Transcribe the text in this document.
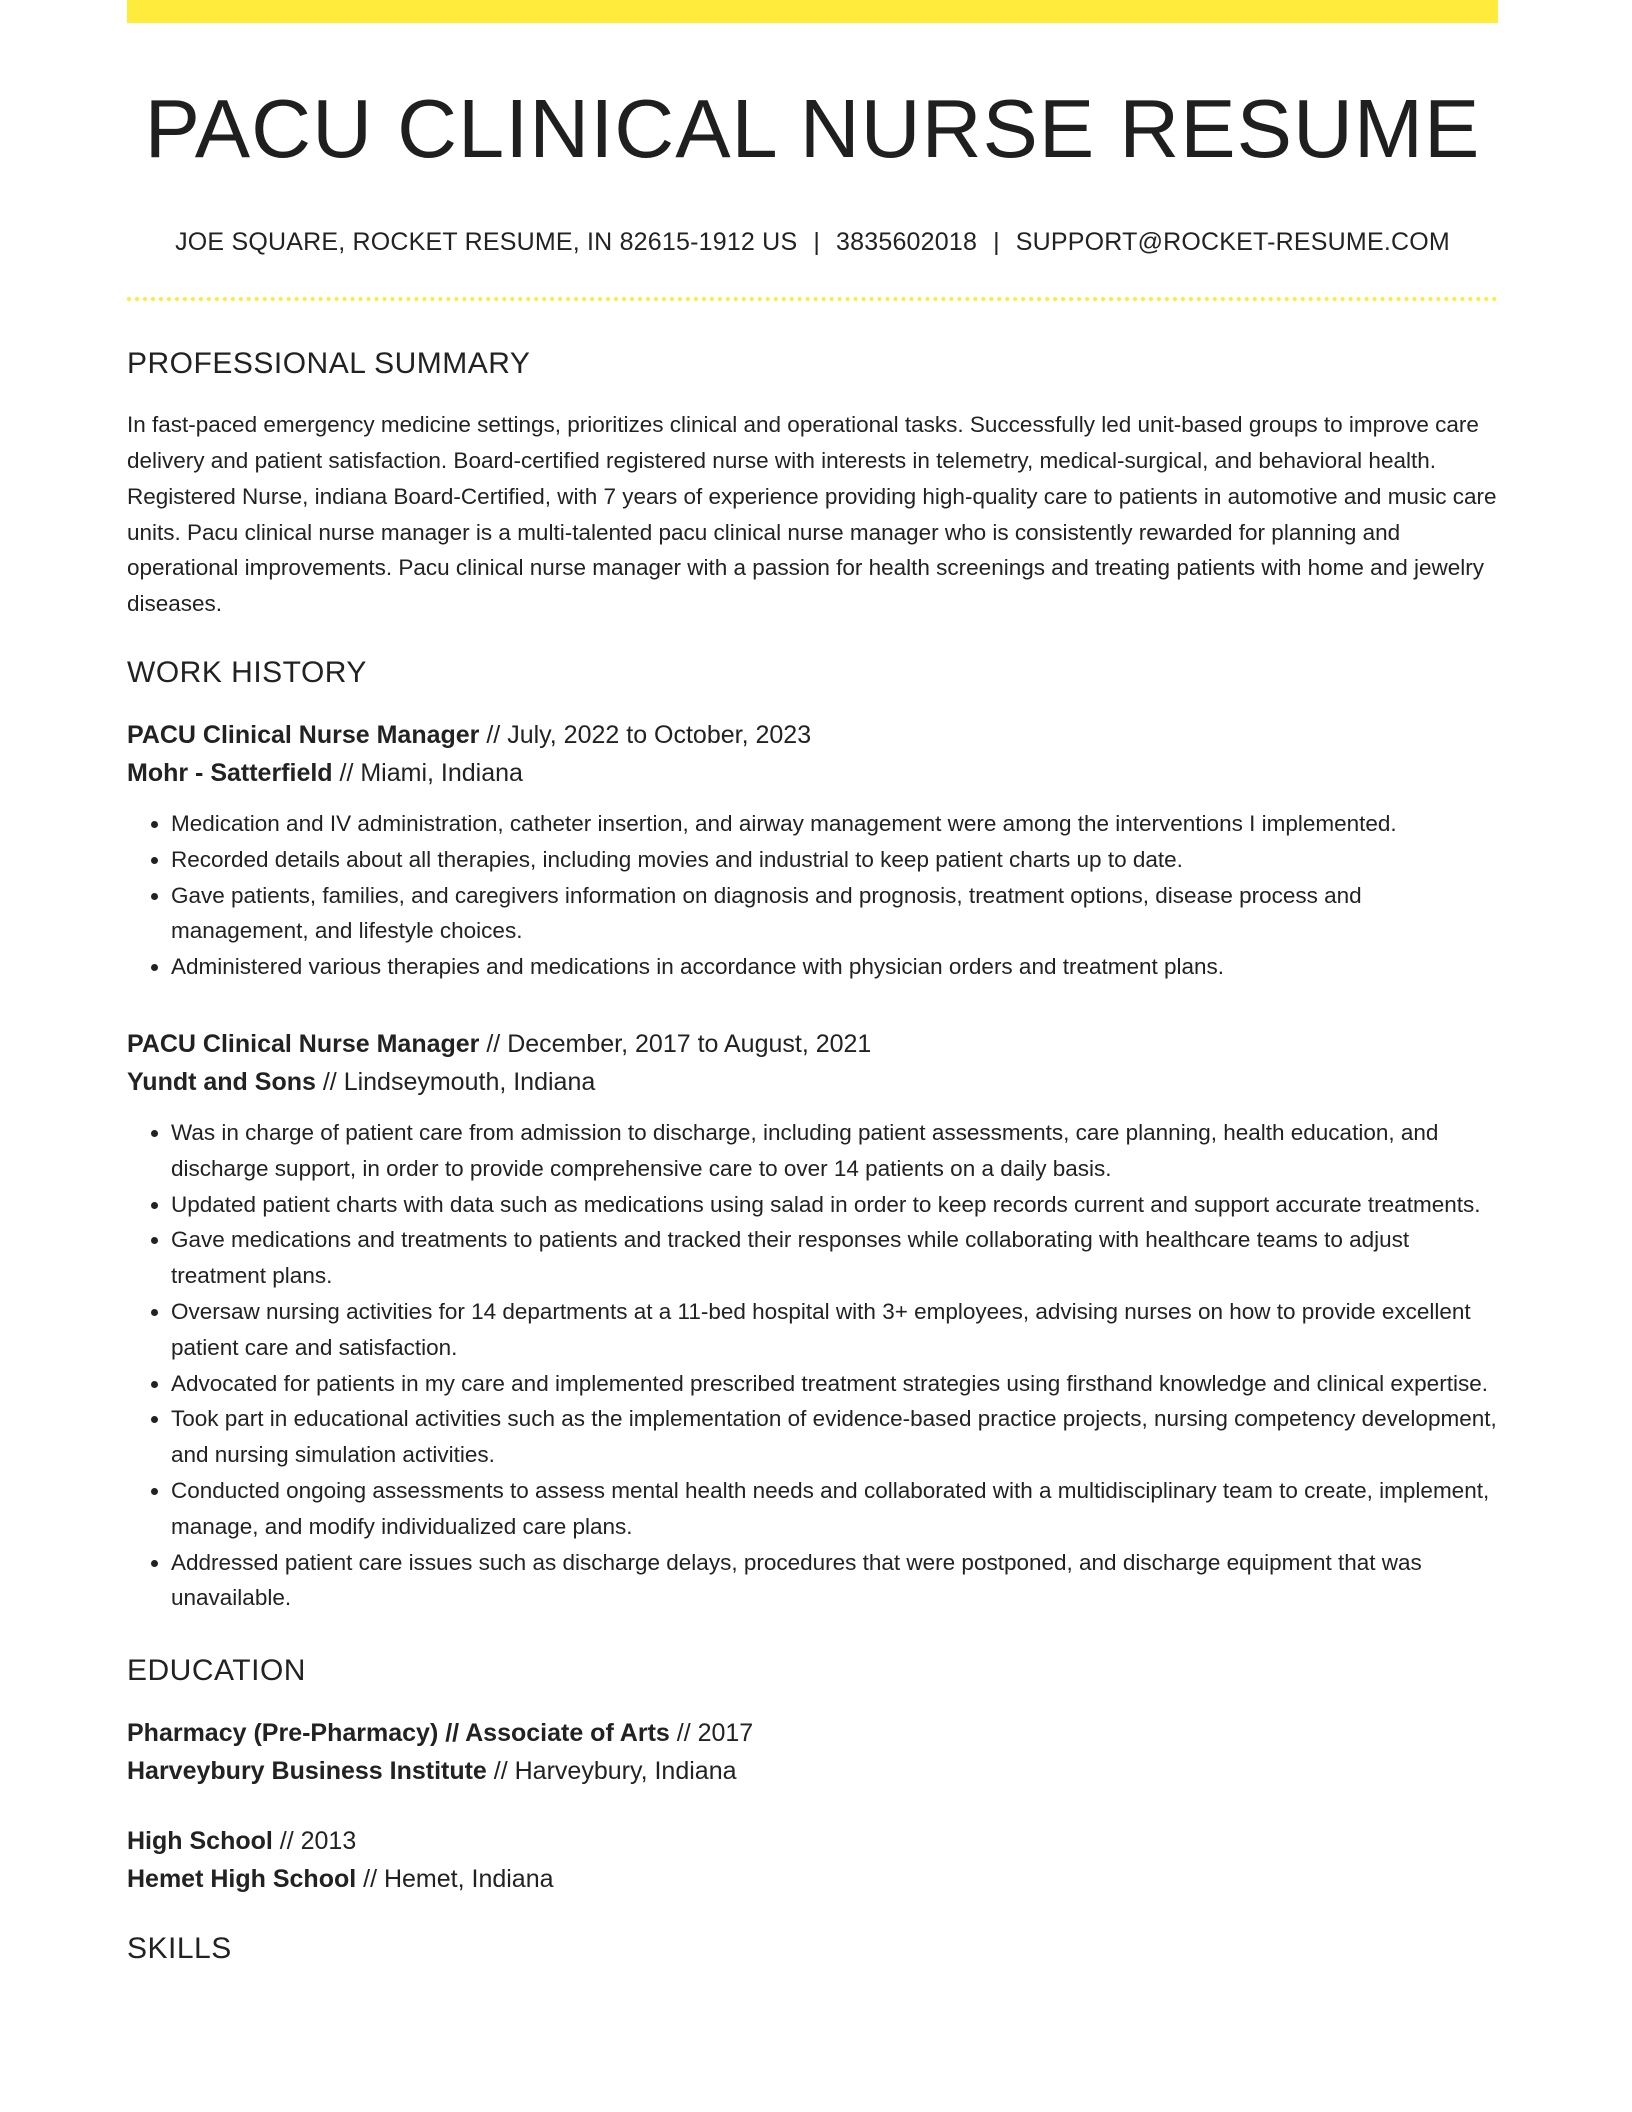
PACU CLINICAL NURSE RESUME
JOE SQUARE, ROCKET RESUME, IN 82615-1912 US | 3835602018 | SUPPORT@ROCKET-RESUME.COM
PROFESSIONAL SUMMARY

In fast-paced emergency medicine settings, prioritizes clinical and operational tasks. Successfully led unit-based groups to improve care delivery and patient satisfaction. Board-certified registered nurse with interests in telemetry, medical-surgical, and behavioral health. Registered Nurse, indiana Board-Certified, with 7 years of experience providing high-quality care to patients in automotive and music care units. Pacu clinical nurse manager is a multi-talented pacu clinical nurse manager who is consistently rewarded for planning and operational improvements. Pacu clinical nurse manager with a passion for health screenings and treating patients with home and jewelry diseases.

WORK HISTORY
PACU Clinical Nurse Manager // July, 2022 to October, 2023
Mohr - Satterfield // Miami, Indiana
• Medication and IV administration, catheter insertion, and airway management were among the interventions I implemented.
• Recorded details about all therapies, including movies and industrial to keep patient charts up to date.
• Gave patients, families, and caregivers information on diagnosis and prognosis, treatment options, disease process and management, and lifestyle choices.
• Administered various therapies and medications in accordance with physician orders and treatment plans.
PACU Clinical Nurse Manager // December, 2017 to August, 2021
Yundt and Sons // Lindseymouth, Indiana
• Was in charge of patient care from admission to discharge, including patient assessments, care planning, health education, and discharge support, in order to provide comprehensive care to over 14 patients on a daily basis.
• Updated patient charts with data such as medications using salad in order to keep records current and support accurate treatments.
• Gave medications and treatments to patients and tracked their responses while collaborating with healthcare teams to adjust treatment plans.
• Oversaw nursing activities for 14 departments at a 11-bed hospital with 3+ employees, advising nurses on how to provide excellent patient care and satisfaction.
• Advocated for patients in my care and implemented prescribed treatment strategies using firsthand knowledge and clinical expertise.
• Took part in educational activities such as the implementation of evidence-based practice projects, nursing competency development, and nursing simulation activities.
• Conducted ongoing assessments to assess mental health needs and collaborated with a multidisciplinary team to create, implement, manage, and modify individualized care plans.
• Addressed patient care issues such as discharge delays, procedures that were postponed, and discharge equipment that was unavailable.
EDUCATION
Pharmacy (Pre-Pharmacy) // Associate of Arts // 2017
Harveybury Business Institute // Harveybury, Indiana
High School // 2013
Hemet High School // Hemet, Indiana
SKILLS
